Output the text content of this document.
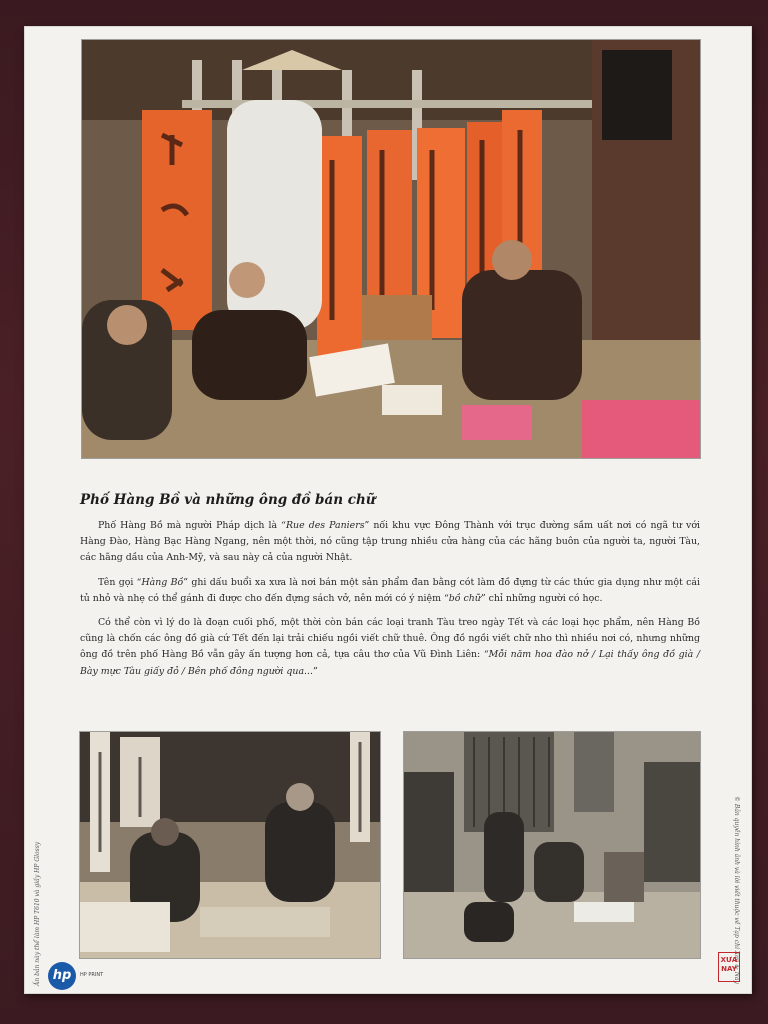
Phố Hàng Bồ và những ông đồ bán chữ

Phố Hàng Bồ mà người Pháp dịch là “Rue des Paniers” nối khu vực Đông Thành với trục đường sầm uất nơi có ngã tư với Hàng Đào, Hàng Bạc Hàng Ngang, nên một thời, nó cũng tập trung nhiều cửa hàng của các hãng buôn của người ta, người Tàu, các hãng dầu của Anh-Mỹ, và sau này cả của người Nhật.

Tên gọi “Hàng Bồ” ghi dấu buổi xa xưa là nơi bán một sản phẩm đan bằng cót làm đồ đựng từ các thức gia dụng như một cái tủ nhỏ và nhẹ có thể gánh đi được cho đến đựng sách vở, nên mới có ý niệm “bồ chữ” chỉ những người có học.

Có thể còn vì lý do là đoạn cuối phố, một thời còn bán các loại tranh Tàu treo ngày Tết và các loại học phẩm, nên Hàng Bồ cũng là chốn các ông đồ già cứ Tết đến lại trải chiếu ngồi viết chữ thuê. Ông đồ ngồi viết chữ nho thì nhiều nơi có, nhưng những ông đồ trên phố Hàng Bồ vẫn gây ấn tượng hơn cả, tựa câu thơ của Vũ Đình Liên: “Mỗi năm hoa đào nở / Lại thấy ông đồ già / Bày mực Tàu giấy đỏ / Bên phố đông người qua...”

Ấn bản này thể làm HP T610 và giấy HP Glossy	© Bản quyền hình ảnh và lời viết thuộc về Tạp chí Xưa & Nay
hp	HP PRINT
XƯA NAY
